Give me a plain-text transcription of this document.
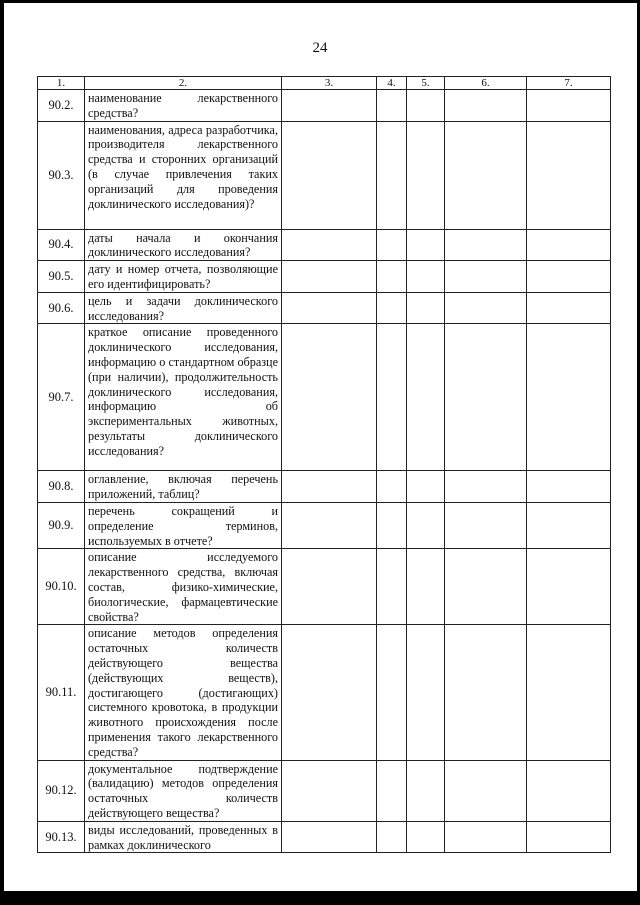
24
1.	2.	3.	4.	5.	6.	7.
90.2.	наименование лекарственного средства?					
90.3.	наименования, адреса разработчика, производителя лекарственного средства и сторонних организаций (в случае привлечения таких организаций для проведения доклинического исследования)?					
90.4.	даты начала и окончания доклинического исследования?					
90.5.	дату и номер отчета, позволяющие его идентифицировать?					
90.6.	цель и задачи доклинического исследования?					
90.7.	краткое описание проведенного доклинического исследования, информацию о стандартном образце (при наличии), продолжительность доклинического исследования, информацию об экспериментальных животных, результаты доклинического исследования?					
90.8.	оглавление, включая перечень приложений, таблиц?					
90.9.	перечень сокращений и определение терминов, используемых в отчете?					
90.10.	описание исследуемого лекарственного средства, включая состав, физико-химические, биологические, фармацевтические свойства?					
90.11.	описание методов определения остаточных количеств действующего вещества (действующих веществ), достигающего (достигающих) системного кровотока, в продукции животного происхождения после применения такого лекарственного средства?					
90.12.	документальное подтверждение (валидацию) методов определения остаточных количеств действующего вещества?					
90.13.	виды исследований, проведенных в рамках доклинического					
